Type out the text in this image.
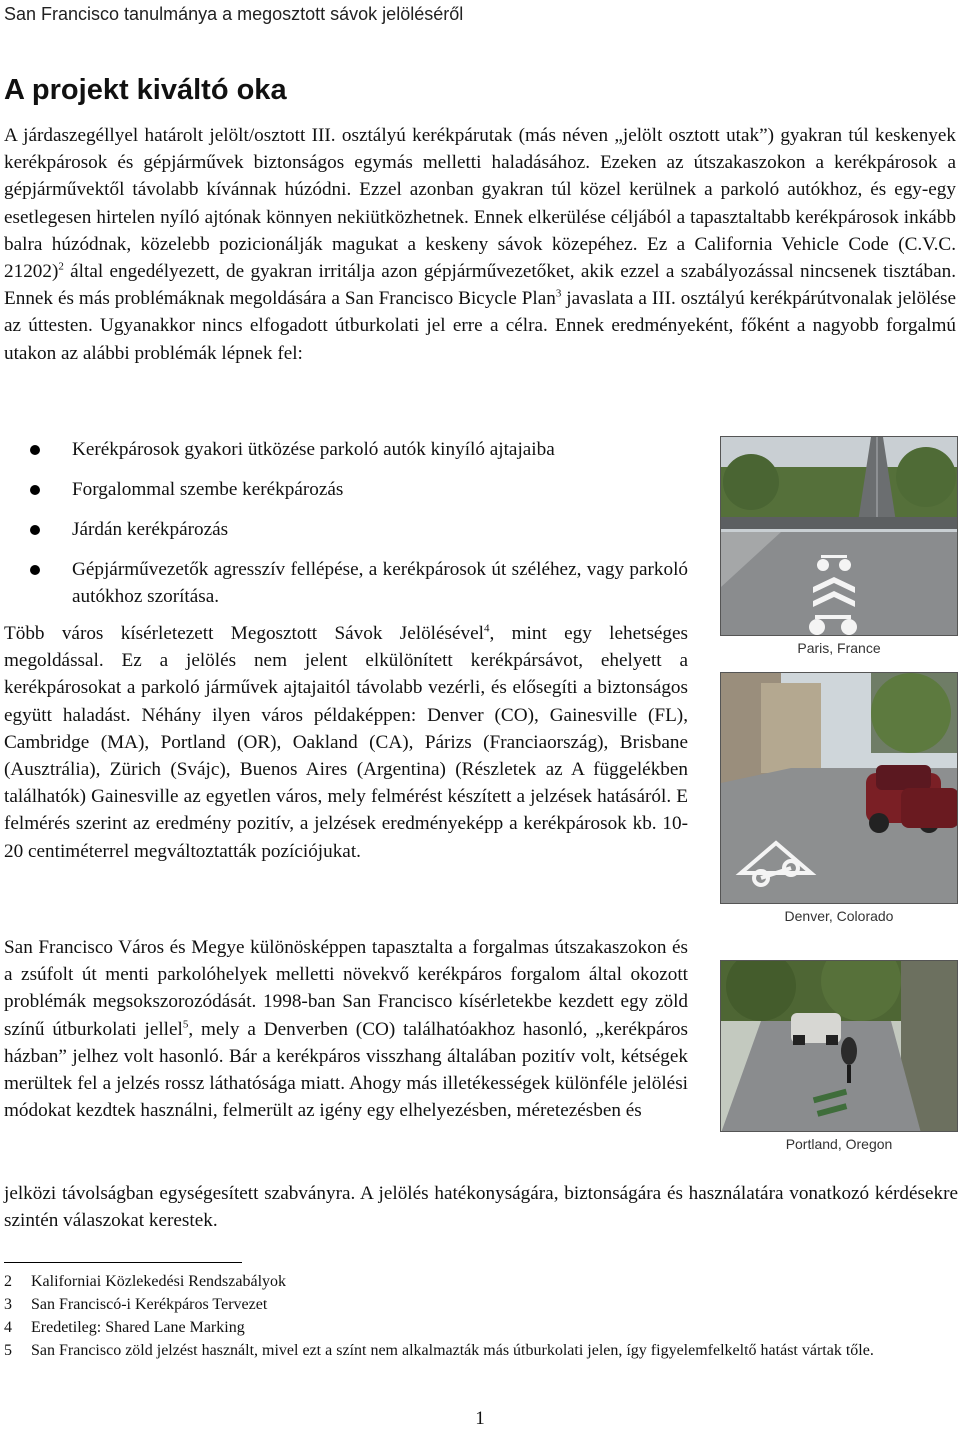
San Francisco tanulmánya a megosztott sávok jelöléséről
A projekt kiváltó oka

A járdaszegéllyel határolt jelölt/osztott III. osztályú kerékpárutak (más néven „jelölt osztott utak”) gyakran túl keskenyek kerékpárosok és gépjárművek biztonságos egymás melletti haladásához. Ezeken az útszakaszokon a kerékpárosok a gépjárművektől távolabb kívánnak húzódni. Ezzel azonban gyakran túl közel kerülnek a parkoló autókhoz, és egy-egy esetlegesen hirtelen nyíló ajtónak könnyen nekiütközhetnek. Ennek elkerülése céljából a tapasztaltabb kerékpárosok inkább balra húzódnak, közelebb pozicionálják magukat a keskeny sávok közepéhez. Ez a California Vehicle Code (C.V.C. 21202)$^2$ által engedélyezett, de gyakran irritálja azon gépjárművezetőket, akik ezzel a szabályozással nincsenek tisztában. Ennek és más problémáknak megoldására a San Francisco Bicycle Plan$^3$ javaslata a III. osztályú kerékpárútvonalak jelölése az úttesten. Ugyanakkor nincs elfogadott útburkolati jel erre a célra. Ennek eredményeként, főként a nagyobb forgalmú utakon az alábbi problémák lépnek fel:

Kerékpárosok gyakori ütközése parkoló autók kinyíló ajtajaiba
Forgalommal szembe kerékpározás
Járdán kerékpározás
Gépjárművezetők agresszív fellépése, a kerékpárosok út széléhez, vagy parkoló autókhoz szorítása.

Több város kísérletezett Megosztott Sávok Jelölésével$^4$, mint egy lehetséges megoldással. Ez a jelölés nem jelent elkülönített kerékpársávot, ehelyett a kerékpárosokat a parkoló járművek ajtajaitól távolabb vezérli, és elősegíti a biztonságos együtt haladást. Néhány ilyen város példaképpen: Denver (CO), Gainesville (FL), Cambridge (MA), Portland (OR), Oakland (CA), Párizs (Franciaország), Brisbane (Ausztrália), Zürich (Svájc), Buenos Aires (Argentina) (Részletek az A függelékben találhatók) Gainesville az egyetlen város, mely felmérést készített a jelzések hatásáról. E felmérés szerint az eredmény pozitív, a jelzések eredményeképp a kerékpárosok kb. 10-20 centiméterrel megváltoztatták pozíciójukat.

San Francisco Város és Megye különösképpen tapasztalta a forgalmas útszakaszokon és a zsúfolt út menti parkolóhelyek melletti növekvő kerékpáros forgalom által okozott problémák megsokszorozódását. 1998-ban San Francisco kísérletekbe kezdett egy zöld színű útburkolati jellel$^5$, mely a Denverben (CO) találhatóakhoz hasonló, „kerékpáros házban” jelhez volt hasonló. Bár a kerékpáros visszhang általában pozitív volt, kétségek merültek fel a jelzés rossz láthatósága miatt. Ahogy más illetékességek különféle jelölési módokat kezdtek használni, felmerült az igény egy elhelyezésben, méretezésben és

jelközi távolságban egységesített szabványra. A jelölés hatékonyságára, biztonságára és használatára vonatkozó kérdésekre szintén válaszokat kerestek.

Paris, France
Denver, Colorado
Portland, Oregon
2 Kaliforniai Közlekedési Rendszabályok
3 San Franciscó-i Kerékpáros Tervezet
4 Eredetileg: Shared Lane Marking
5 San Francisco zöld jelzést használt, mivel ezt a színt nem alkalmazták más útburkolati jelen, így figyelemfelkeltő hatást vártak tőle.
1
